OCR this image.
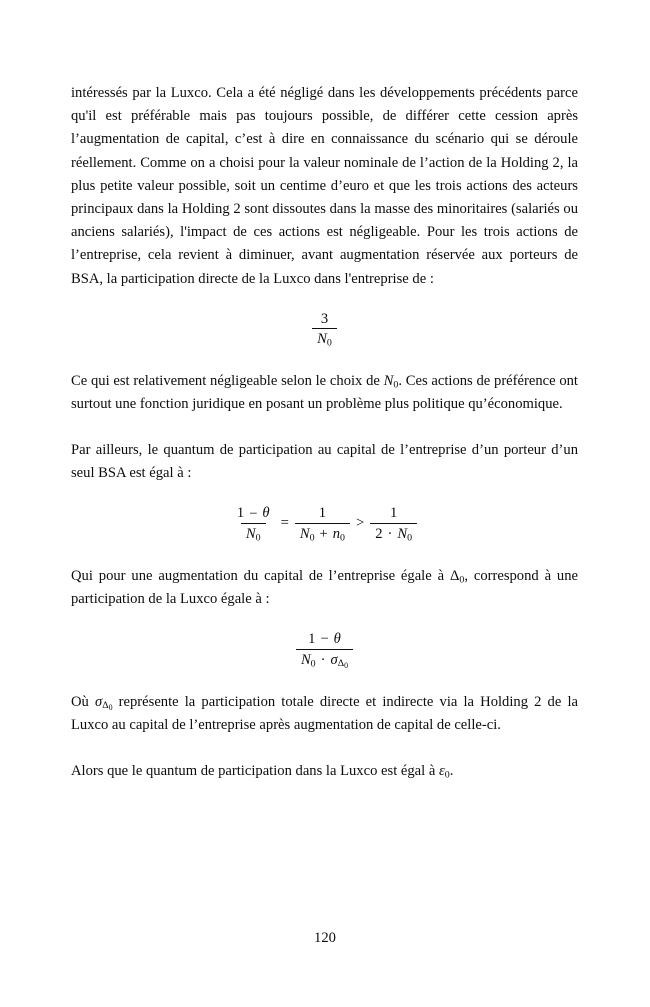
intéressés par la Luxco. Cela a été négligé dans les développements précédents parce qu'il est préférable mais pas toujours possible, de différer cette cession après l’augmentation de capital, c’est à dire en connaissance du scénario qui se déroule réellement. Comme on a choisi pour la valeur nominale de l’action de la Holding 2, la plus petite valeur possible, soit un centime d’euro et que les trois actions des acteurs principaux dans la Holding 2 sont dissoutes dans la masse des minoritaires (salariés ou anciens salariés), l'impact de ces actions est négligeable. Pour les trois actions de l’entreprise, cela revient à diminuer, avant augmentation réservée aux porteurs de BSA, la participation directe de la Luxco dans l'entreprise de :

$\frac{3}{N_0}$

Ce qui est relativement négligeable selon le choix de $N_0$. Ces actions de préférence ont surtout une fonction juridique en posant un problème plus politique qu’économique.

Par ailleurs, le quantum de participation au capital de l’entreprise d’un porteur d’un seul BSA est égal à :

$\frac{1 - \theta}{N_0} = \frac{1}{N_0 + n_0} > \frac{1}{2 \cdot N_0}$

Qui pour une augmentation du capital de l’entreprise égale à $\Delta_0$, correspond à une participation de la Luxco égale à :

$\frac{1 - \theta}{N_0 \cdot \sigma_{\Delta_0}}$

Où $\sigma_{\Delta_0}$ représente la participation totale directe et indirecte via la Holding 2 de la Luxco au capital de l’entreprise après augmentation de capital de celle-ci.

Alors que le quantum de participation dans la Luxco est égal à $\varepsilon_0$.

120
